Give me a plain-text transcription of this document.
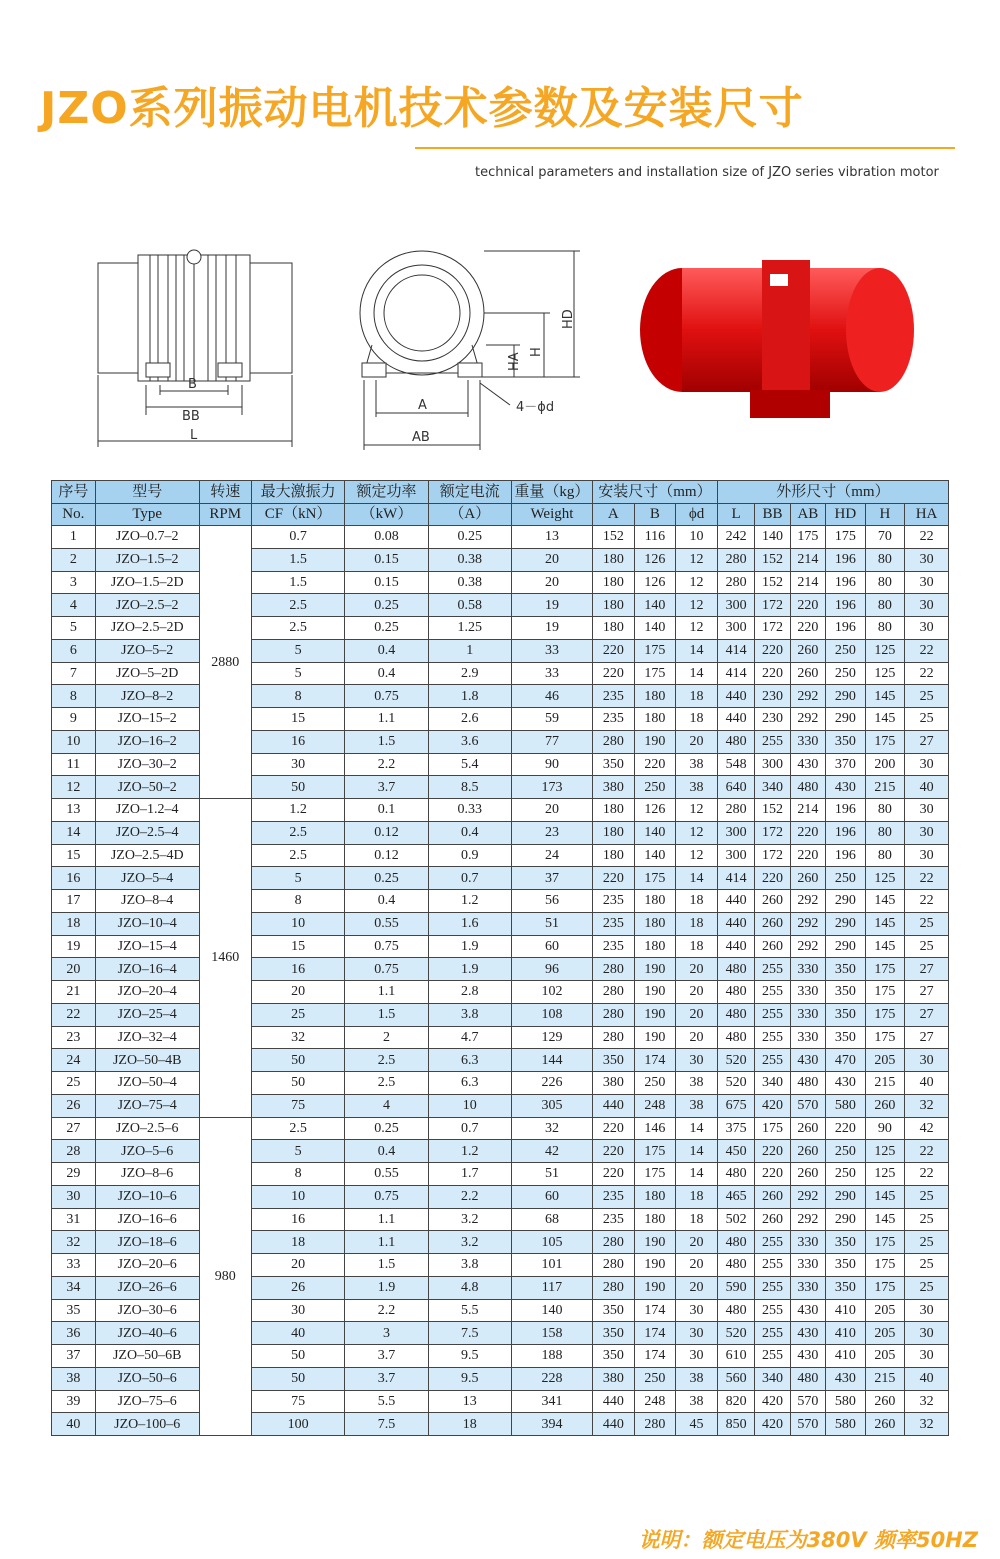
JZO系列振动电机技术参数及安装尺寸
technical parameters and installation size of JZO series vibration motor
B
BB
L
A
AB
HA
H
HD
4－ϕd
序号	型号	转速	最大激振力	额定功率	额定电流	重量（kg）	安装尺寸（mm）			外形尺寸（mm）					
No.	Type	RPM	CF（kN）	（kW）	（A）	Weight	A	B	ϕd	L	BB	AB	HD	H	HA
1	JZO–0.7–2	2880	0.7	0.08	0.25	13	152	116	10	242	140	175	175	70	22
2	JZO–1.5–2		1.5	0.15	0.38	20	180	126	12	280	152	214	196	80	30
3	JZO–1.5–2D		1.5	0.15	0.38	20	180	126	12	280	152	214	196	80	30
4	JZO–2.5–2		2.5	0.25	0.58	19	180	140	12	300	172	220	196	80	30
5	JZO–2.5–2D		2.5	0.25	1.25	19	180	140	12	300	172	220	196	80	30
6	JZO–5–2		5	0.4	1	33	220	175	14	414	220	260	250	125	22
7	JZO–5–2D		5	0.4	2.9	33	220	175	14	414	220	260	250	125	22
8	JZO–8–2		8	0.75	1.8	46	235	180	18	440	230	292	290	145	25
9	JZO–15–2		15	1.1	2.6	59	235	180	18	440	230	292	290	145	25
10	JZO–16–2		16	1.5	3.6	77	280	190	20	480	255	330	350	175	27
11	JZO–30–2		30	2.2	5.4	90	350	220	38	548	300	430	370	200	30
12	JZO–50–2		50	3.7	8.5	173	380	250	38	640	340	480	430	215	40
13	JZO–1.2–4	1460	1.2	0.1	0.33	20	180	126	12	280	152	214	196	80	30
14	JZO–2.5–4		2.5	0.12	0.4	23	180	140	12	300	172	220	196	80	30
15	JZO–2.5–4D		2.5	0.12	0.9	24	180	140	12	300	172	220	196	80	30
16	JZO–5–4		5	0.25	0.7	37	220	175	14	414	220	260	250	125	22
17	JZO–8–4		8	0.4	1.2	56	235	180	18	440	260	292	290	145	22
18	JZO–10–4		10	0.55	1.6	51	235	180	18	440	260	292	290	145	25
19	JZO–15–4		15	0.75	1.9	60	235	180	18	440	260	292	290	145	25
20	JZO–16–4		16	0.75	1.9	96	280	190	20	480	255	330	350	175	27
21	JZO–20–4		20	1.1	2.8	102	280	190	20	480	255	330	350	175	27
22	JZO–25–4		25	1.5	3.8	108	280	190	20	480	255	330	350	175	27
23	JZO–32–4		32	2	4.7	129	280	190	20	480	255	330	350	175	27
24	JZO–50–4B		50	2.5	6.3	144	350	174	30	520	255	430	470	205	30
25	JZO–50–4		50	2.5	6.3	226	380	250	38	520	340	480	430	215	40
26	JZO–75–4		75	4	10	305	440	248	38	675	420	570	580	260	32
27	JZO–2.5–6	980	2.5	0.25	0.7	32	220	146	14	375	175	260	220	90	42
28	JZO–5–6		5	0.4	1.2	42	220	175	14	450	220	260	250	125	22
29	JZO–8–6		8	0.55	1.7	51	220	175	14	480	220	260	250	125	22
30	JZO–10–6		10	0.75	2.2	60	235	180	18	465	260	292	290	145	25
31	JZO–16–6		16	1.1	3.2	68	235	180	18	502	260	292	290	145	25
32	JZO–18–6		18	1.1	3.2	105	280	190	20	480	255	330	350	175	25
33	JZO–20–6		20	1.5	3.8	101	280	190	20	480	255	330	350	175	25
34	JZO–26–6		26	1.9	4.8	117	280	190	20	590	255	330	350	175	25
35	JZO–30–6		30	2.2	5.5	140	350	174	30	480	255	430	410	205	30
36	JZO–40–6		40	3	7.5	158	350	174	30	520	255	430	410	205	30
37	JZO–50–6B		50	3.7	9.5	188	350	174	30	610	255	430	410	205	30
38	JZO–50–6		50	3.7	9.5	228	380	250	38	560	340	480	430	215	40
39	JZO–75–6		75	5.5	13	341	440	248	38	820	420	570	580	260	32
40	JZO–100–6		100	7.5	18	394	440	280	45	850	420	570	580	260	32
说明：额定电压为380V 频率50HZ
